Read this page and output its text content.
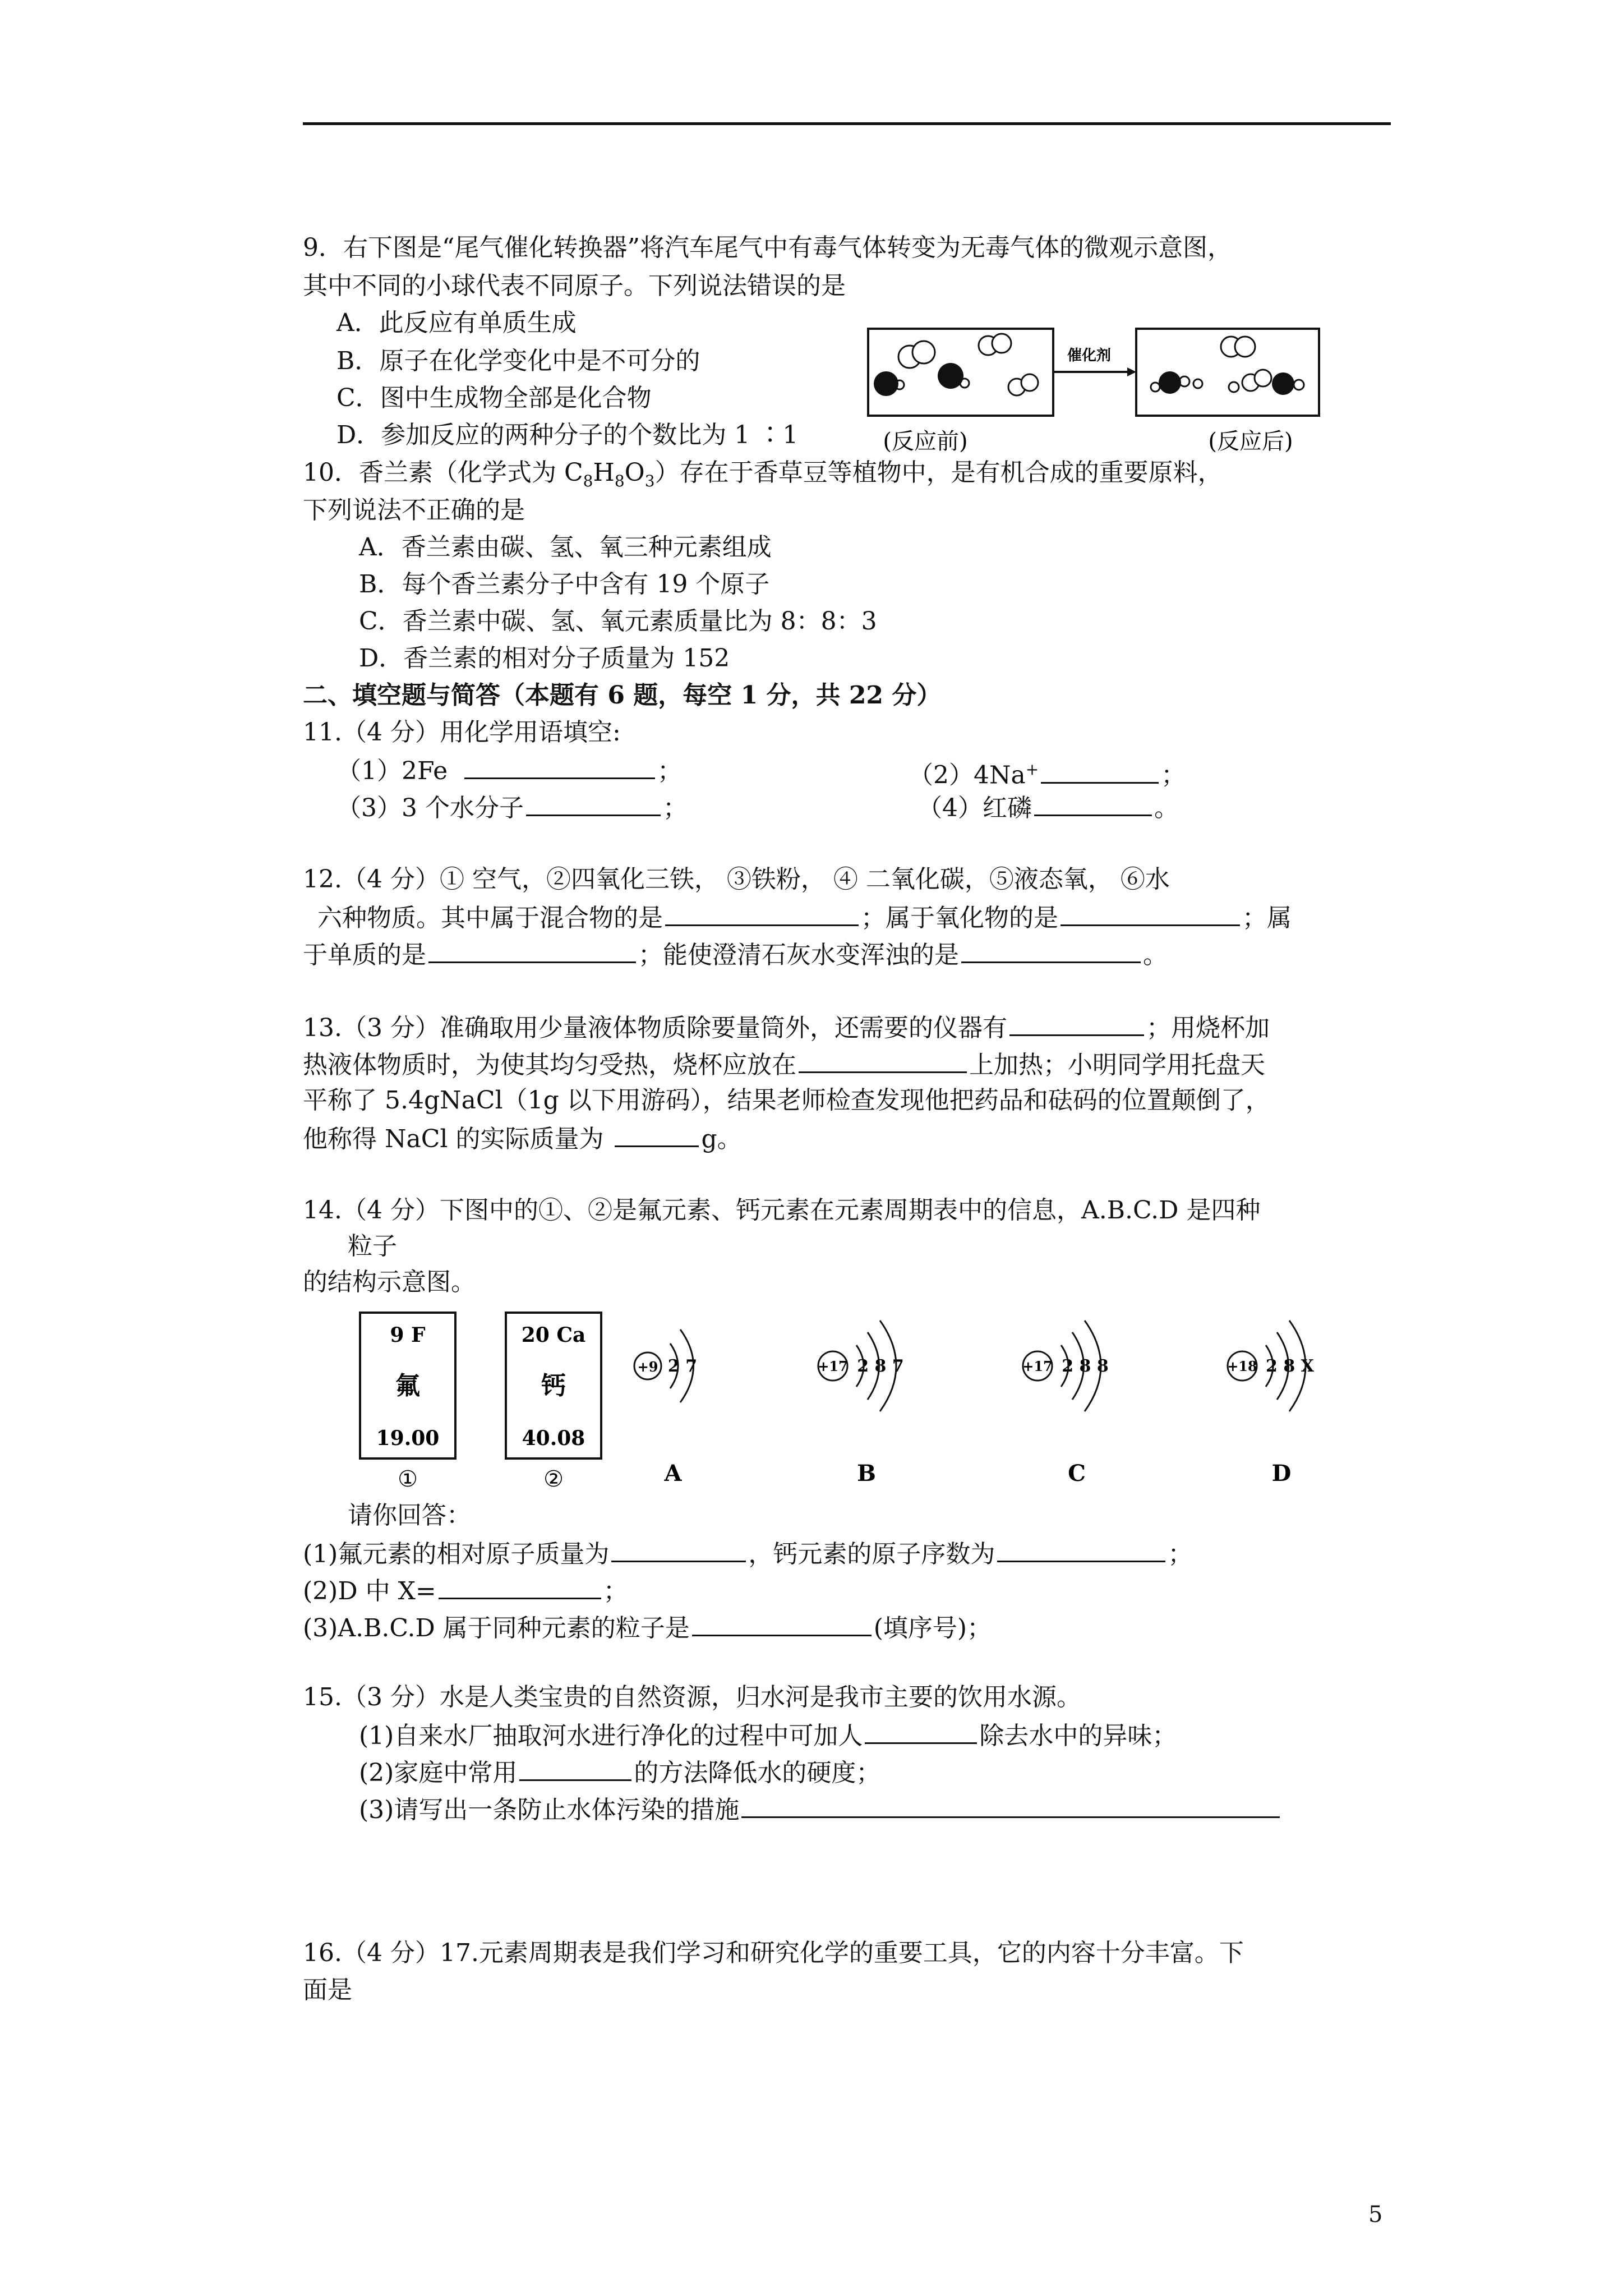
9．右下图是“尾气催化转换器”将汽车尾气中有毒气体转变为无毒气体的微观示意图，
其中不同的小球代表不同原子。下列说法错误的是
A．此反应有单质生成
B．原子在化学变化中是不可分的
C．图中生成物全部是化合物
D．参加反应的两种分子的个数比为 1 ∶1
催化剂
(反应前)	(反应后)
10．香兰素（化学式为 $C_8H_8O_3$）存在于香草豆等植物中，是有机合成的重要原料，
下列说法不正确的是
A．香兰素由碳、氢、氧三种元素组成
B．每个香兰素分子中含有 19 个原子
C．香兰素中碳、氢、氧元素质量比为 8：8：3
D．香兰素的相对分子质量为 152
二、填空题与简答（本题有 6 题，每空 1 分，共 22 分）
11.（4 分）用化学用语填空:
（1）2Fe	；	（2）4Na+	；
（3）3 个水分子	；	（4）红磷	。
12.（4 分）① 空气，②四氧化三铁， ③铁粉， ④ 二氧化碳，⑤液态氧， ⑥水
六种物质。其中属于混合物的是	；属于氧化物的是	；属
于单质的是	；能使澄清石灰水变浑浊的是	。
13.（3 分）准确取用少量液体物质除要量筒外，还需要的仪器有	；用烧杯加
热液体物质时，为使其均匀受热，烧杯应放在	上加热；小明同学用托盘天
平称了 5.4gNaCl（1g 以下用游码），结果老师检查发现他把药品和砝码的位置颠倒了，
他称得 NaCl 的实际质量为	g。
14.（4 分）下图中的①、②是氟元素、钙元素在元素周期表中的信息，A.B.C.D 是四种
粒子
的结构示意图。
9 F
氟
19.00
①
20 Ca
钙
40.08
②
+9 2 7
A
+17 2 8 7
B
+17 2 8 8
C
+18 2 8 X
D
请你回答：
(1)氟元素的相对原子质量为	，钙元素的原子序数为	；
(2)D 中 X=	；
(3)A.B.C.D 属于同种元素的粒子是	(填序号)；
15.（3 分）水是人类宝贵的自然资源，归水河是我市主要的饮用水源。
(1)自来水厂抽取河水进行净化的过程中可加人	除去水中的异味；
(2)家庭中常用	的方法降低水的硬度；
(3)请写出一条防止水体污染的措施
16.（4 分）17.元素周期表是我们学习和研究化学的重要工具，它的内容十分丰富。下
面是
5
